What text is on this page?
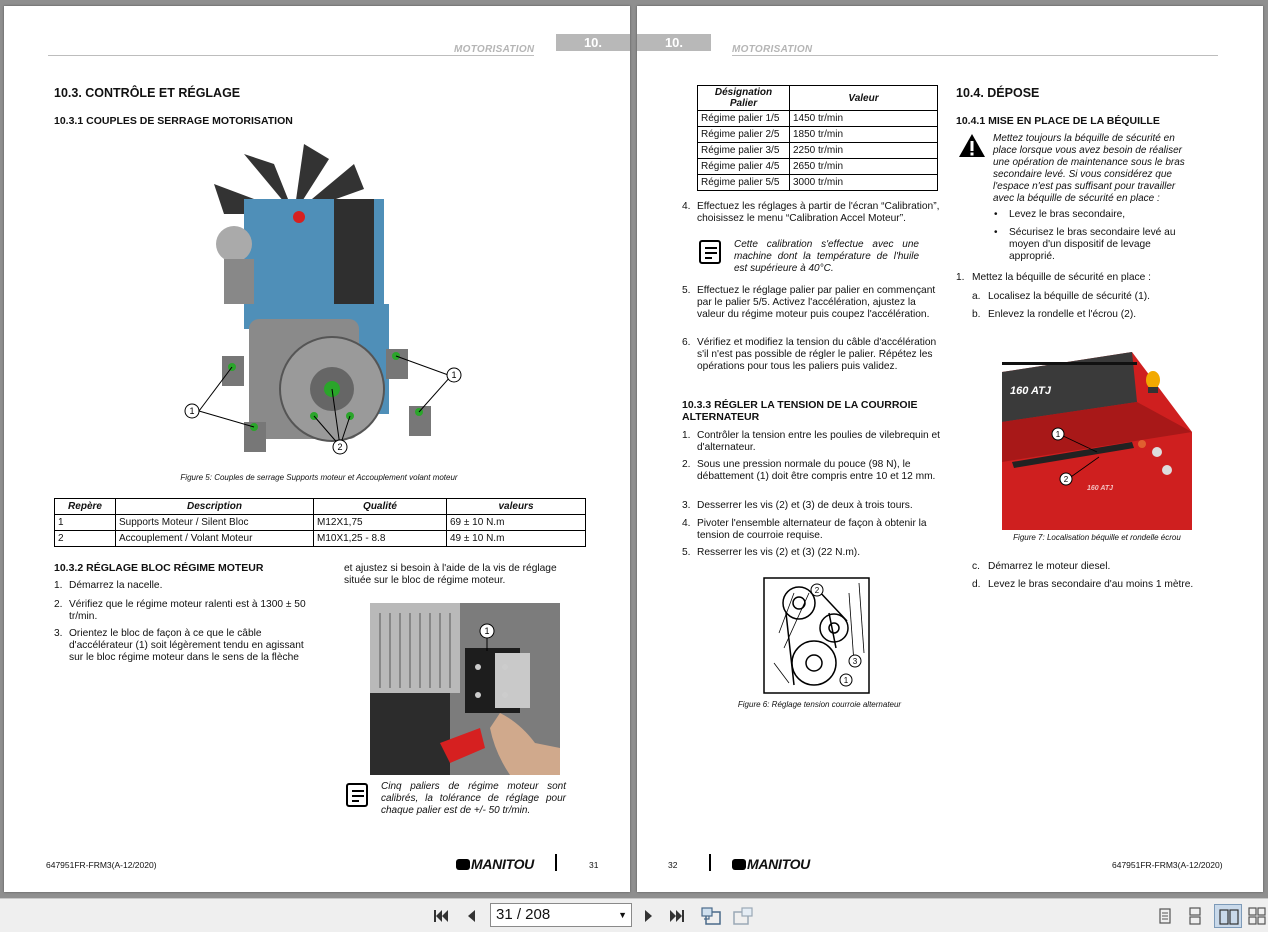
MOTORISATION	10.
10.3. CONTRÔLE ET RÉGLAGE
10.3.1 COUPLES DE SERRAGE MOTORISATION
1
1
2
Figure 5: Couples de serrage Supports moteur et Accouplement volant moteur
Repère	Description	Qualité	valeurs
1	Supports Moteur / Silent Bloc	M12X1,75	69 ± 10 N.m
2	Accouplement / Volant Moteur	M10X1,25 - 8.8	49 ± 10 N.m
10.3.2 RÉGLAGE BLOC RÉGIME MOTEUR
1. Démarrez la nacelle.
2. Vérifiez que le régime moteur ralenti est à 1300 ± 50 tr/min.
3. Orientez le bloc de façon à ce que le câble d'accélérateur (1) soit légèrement tendu en agissant sur le bloc régime moteur dans le sens de la flèche
et ajustez si besoin à l'aide de la vis de réglage située sur le bloc de régime moteur.
1
Cinq paliers de régime moteur sont calibrés, la tolérance de réglage pour chaque palier est de +/- 50 tr/min.
647951FR-FRM3(A-12/2020)	MANITOU	31
10.	MOTORISATION
Désignation Palier	Valeur
Régime palier 1/5	1450 tr/min
Régime palier 2/5	1850 tr/min
Régime palier 3/5	2250 tr/min
Régime palier 4/5	2650 tr/min
Régime palier 5/5	3000 tr/min
4. Effectuez les réglages à partir de l'écran “Calibration”, choisissez le menu “Calibration Accel Moteur”.
Cette calibration s'effectue avec une machine dont la température de l'huile est supérieure à 40°C.
5. Effectuez le réglage palier par palier en commençant par le palier 5/5. Activez l'accélération, ajustez la valeur du régime moteur puis coupez l'accélération.
6. Vérifiez et modifiez la tension du câble d'accélération s'il n'est pas possible de régler le palier. Répétez les opérations pour tous les paliers puis validez.
10.3.3 RÉGLER LA TENSION DE LA COURROIE ALTERNATEUR
1. Contrôler la tension entre les poulies de vilebrequin et d'alternateur.
2. Sous une pression normale du pouce (98 N), le débattement (1) doit être compris entre 10 et 12 mm.
3. Desserrer les vis (2) et (3) de deux à trois tours.
4. Pivoter l'ensemble alternateur de façon à obtenir la tension de courroie requise.
5. Resserrer les vis (2) et (3) (22 N.m).
2
3
1
Figure 6: Réglage tension courroie alternateur
10.4. DÉPOSE
10.4.1 MISE EN PLACE DE LA BÉQUILLE
Mettez toujours la béquille de sécurité en place lorsque vous avez besoin de réaliser une opération de maintenance sous le bras secondaire levé. Si vous considérez que l'espace n'est pas suffisant pour travailler avec la béquille de sécurité en place :
• Levez le bras secondaire,
• Sécurisez le bras secondaire levé au moyen d'un dispositif de levage approprié.
1. Mettez la béquille de sécurité en place :
a. Localisez la béquille de sécurité (1).
b. Enlevez la rondelle et l'écrou (2).
160 ATJ
160 ATJ
1
2
Figure 7: Localisation béquille et rondelle écrou
c. Démarrez le moteur diesel.
d. Levez le bras secondaire d'au moins 1 mètre.
32	MANITOU	647951FR-FRM3(A-12/2020)
31 / 208	▼
